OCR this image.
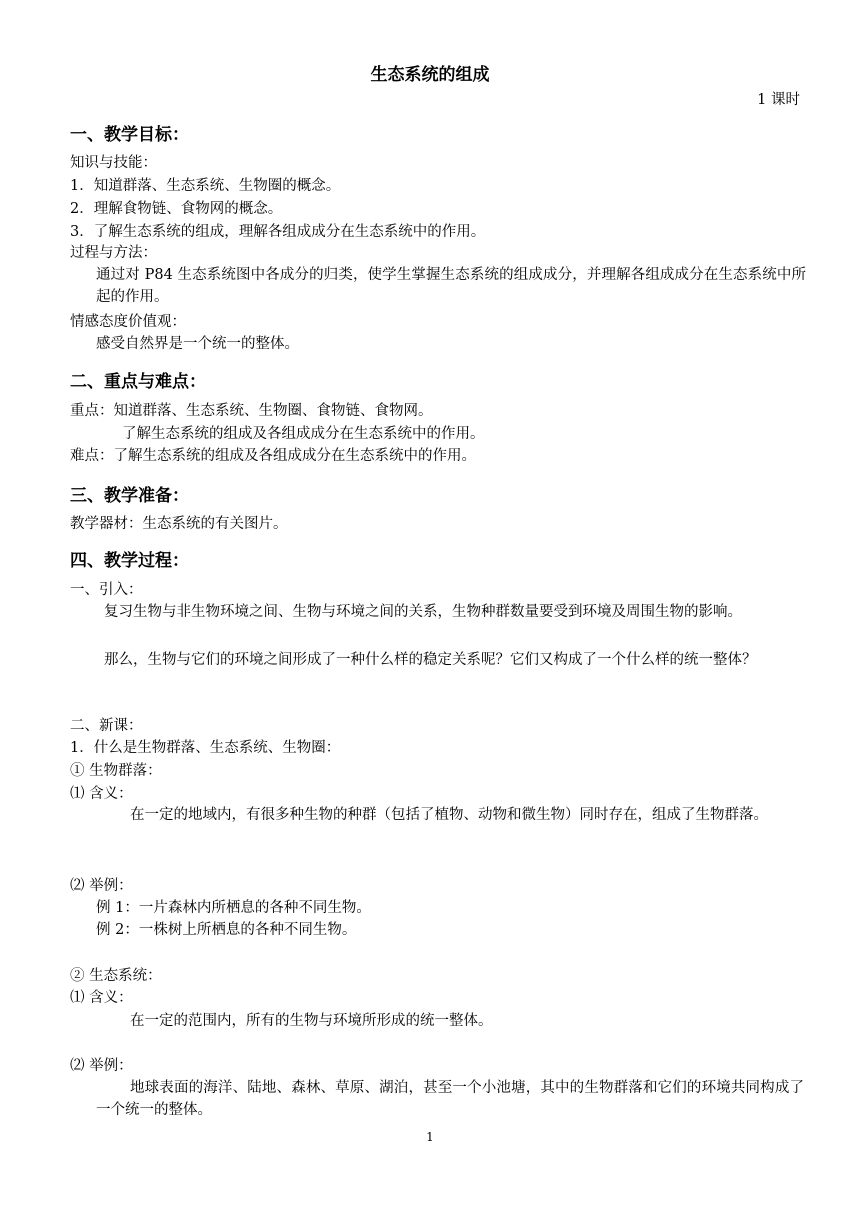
生态系统的组成
1 课时
一、教学目标：
知识与技能：
1．知道群落、生态系统、生物圈的概念。
2．理解食物链、食物网的概念。
3．了解生态系统的组成，理解各组成成分在生态系统中的作用。
过程与方法：
通过对 P84 生态系统图中各成分的归类，使学生掌握生态系统的组成成分，并理解各组成成分在生态系统中所起的作用。
情感态度价值观：
感受自然界是一个统一的整体。
二、重点与难点：
重点：知道群落、生态系统、生物圈、食物链、食物网。
了解生态系统的组成及各组成成分在生态系统中的作用。
难点：了解生态系统的组成及各组成成分在生态系统中的作用。
三、教学准备：
教学器材：生态系统的有关图片。
四、教学过程：
一、引入：
复习生物与非生物环境之间、生物与环境之间的关系，生物种群数量要受到环境及周围生物的影响。
那么，生物与它们的环境之间形成了一种什么样的稳定关系呢？它们又构成了一个什么样的统一整体？
二、新课：
1．什么是生物群落、生态系统、生物圈：
① 生物群落：
⑴ 含义：
在一定的地域内，有很多种生物的种群（包括了植物、动物和微生物）同时存在，组成了生物群落。
⑵ 举例：
例 1：一片森林内所栖息的各种不同生物。
例 2：一株树上所栖息的各种不同生物。
② 生态系统：
⑴ 含义：
在一定的范围内，所有的生物与环境所形成的统一整体。
⑵ 举例：
地球表面的海洋、陆地、森林、草原、湖泊，甚至一个小池塘，其中的生物群落和它们的环境共同构成了一个统一的整体。
1
